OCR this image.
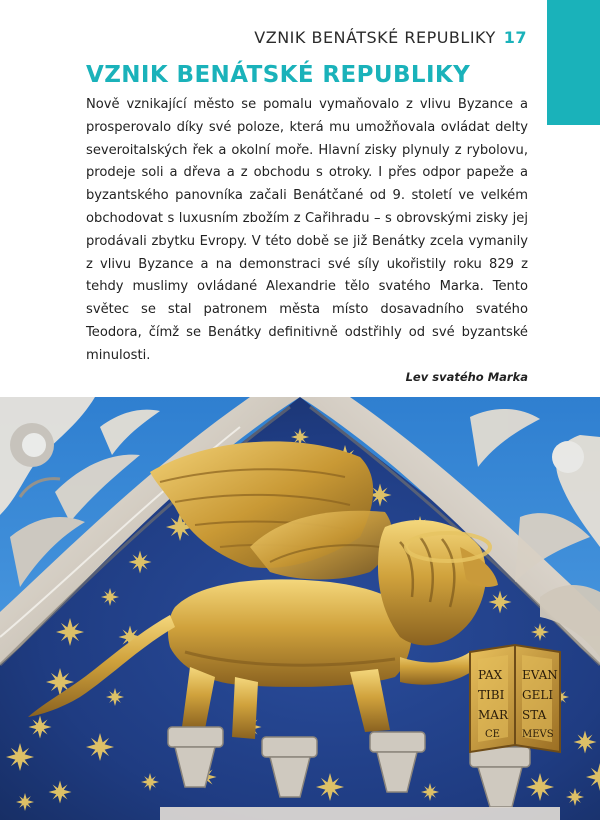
VZNIK BENÁTSKÉ REPUBLIKY 17
VZNIK BENÁTSKÉ REPUBLIKY

Nově vznikající město se pomalu vymaňovalo z vlivu Byzance a prosperovalo díky své poloze, která mu umožňovala ovládat delty severoitalských řek a okolní moře. Hlavní zisky plynuly z rybolovu, prodeje soli a dřeva a z obchodu s otroky. I přes odpor papeže a byzantského panovníka začali Benátčané od 9. století ve velkém obchodovat s luxusním zbožím z Cařihradu – s obrovskými zisky jej prodávali zbytku Evropy. V této době se již Benátky zcela vymanily z vlivu Byzance a na demonstraci své síly ukořistily roku 829 z tehdy muslimy ovládané Alexandrie tělo svatého Marka. Tento světec se stal patronem města místo dosavadního svatého Teodora, čímž se Benátky definitivně odstřihly od své byzantské minulosti.

Lev svatého Marka
PAX EVAN
TIBI GELI
MAR STA
CE MEVS
